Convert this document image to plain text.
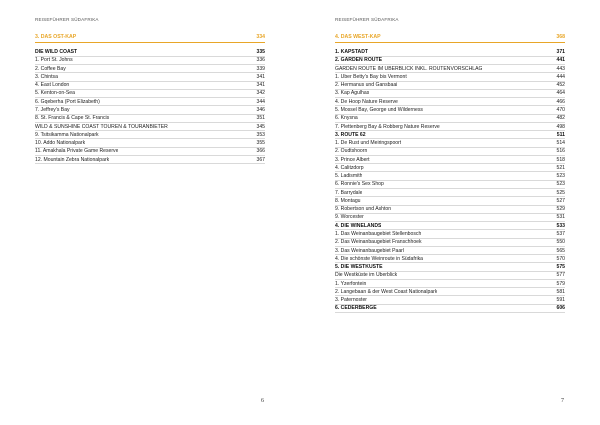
REISEFÜHRER SÜDAFRIKA
3. DAS OST-KAP	334
DIE WILD COAST	335
1. Port St. Johns	336
2. Coffee Bay	339
3. Chintsa	341
4. East London	341
5. Kenton-on-Sea	342
6. Gqeberha (Port Elizabeth)	344
7. Jeffrey's Bay	346
8. St. Francis & Cape St. Francis	351
WILD & SUNSHINE COAST TOUREN & TOURANBIETER	345
9. Tsitsikamma Nationalpark	353
10. Addo Nationalpark	355
11. Amakhala Private Game Reserve	366
12. Mountain Zebra Nationalpark	367
6
REISEFÜHRER SÜDAFRIKA
4. DAS WEST-KAP	368
1. KAPSTADT	371
2. GARDEN ROUTE	441
GARDEN ROUTE IM ÜBERBLICK INKL. ROUTENVORSCHLAG	443
1. Über Betty's Bay bis Vermont	444
2. Hermanus und Gansbaai	452
3. Kap Agulhas	464
4. De Hoop Nature Reserve	466
5. Mossel Bay, George und Wilderness	470
6. Knysna	482
7. Plettenberg Bay & Robberg Nature Reserve	498
3. ROUTE 62	511
1. De Rust und Meiringspoort	514
2. Oudtshoorn	516
3. Prince Albert	518
4. Calitzdorp	521
5. Ladismith	523
6. Ronnie's Sex Shop	523
7. Barrydale	525
8. Montagu	527
9. Robertson und Ashton	529
9. Worcester	531
4. DIE WINELANDS	533
1. Das Weinanbaugebiet Stellenbosch	537
2. Das Weinanbaugebiet Franschhoek	550
3. Das Weinanbaugebiet Paarl	565
4. Die schönste Weinroute in Südafrika	570
5. DIE WESTKÜSTE	575
Die Westküste im Überblick	577
1. Yzerfontein	579
2. Langebaan & der West Coast Nationalpark	581
3. Paternoster	591
6. CEDERBERGE	606
7
